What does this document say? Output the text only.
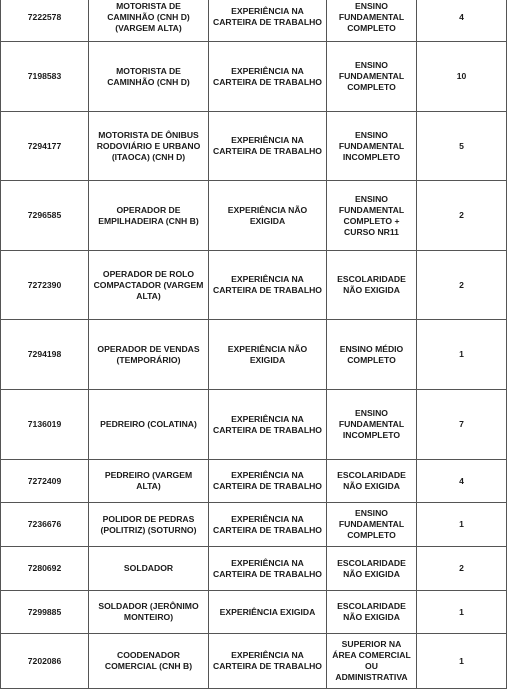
7222578	MOTORISTA DE CAMINHÃO (CNH D) (VARGEM ALTA)	EXPERIÊNCIA NA CARTEIRA DE TRABALHO	ENSINO FUNDAMENTAL COMPLETO	4
7198583	MOTORISTA DE CAMINHÃO (CNH D)	EXPERIÊNCIA NA CARTEIRA DE TRABALHO	ENSINO FUNDAMENTAL COMPLETO	10
7294177	MOTORISTA DE ÔNIBUS RODOVIÁRIO E URBANO (ITAOCA) (CNH D)	EXPERIÊNCIA NA CARTEIRA DE TRABALHO	ENSINO FUNDAMENTAL INCOMPLETO	5
7296585	OPERADOR DE EMPILHADEIRA (CNH B)	EXPERIÊNCIA NÃO EXIGIDA	ENSINO FUNDAMENTAL COMPLETO + CURSO NR11	2
7272390	OPERADOR DE ROLO COMPACTADOR (VARGEM ALTA)	EXPERIÊNCIA NA CARTEIRA DE TRABALHO	ESCOLARIDADE NÃO EXIGIDA	2
7294198	OPERADOR DE VENDAS (TEMPORÁRIO)	EXPERIÊNCIA NÃO EXIGIDA	ENSINO MÉDIO COMPLETO	1
7136019	PEDREIRO (COLATINA)	EXPERIÊNCIA NA CARTEIRA DE TRABALHO	ENSINO FUNDAMENTAL INCOMPLETO	7
7272409	PEDREIRO (VARGEM ALTA)	EXPERIÊNCIA NA CARTEIRA DE TRABALHO	ESCOLARIDADE NÃO EXIGIDA	4
7236676	POLIDOR DE PEDRAS (POLITRIZ) (SOTURNO)	EXPERIÊNCIA NA CARTEIRA DE TRABALHO	ENSINO FUNDAMENTAL COMPLETO	1
7280692	SOLDADOR	EXPERIÊNCIA NA CARTEIRA DE TRABALHO	ESCOLARIDADE NÃO EXIGIDA	2
7299885	SOLDADOR (JERÔNIMO MONTEIRO)	EXPERIÊNCIA EXIGIDA	ESCOLARIDADE NÃO EXIGIDA	1
7202086	COODENADOR COMERCIAL (CNH B)	EXPERIÊNCIA NA CARTEIRA DE TRABALHO	SUPERIOR NA ÁREA COMERCIAL OU ADMINISTRATIVA	1
